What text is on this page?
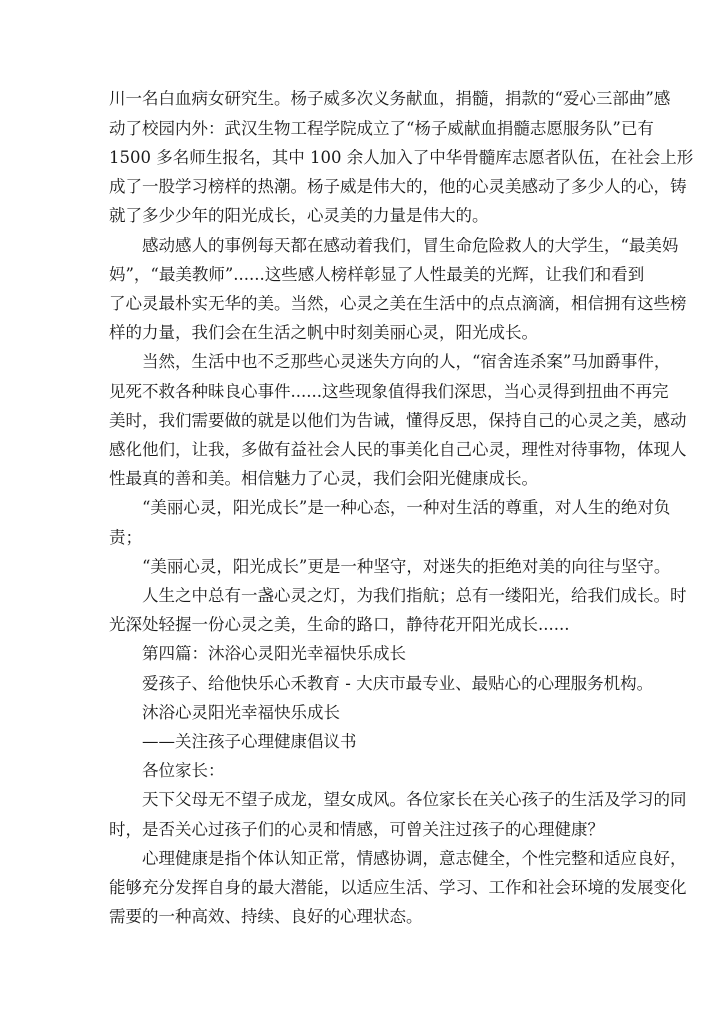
川一名白血病女研究生。杨子威多次义务献血，捐髓，捐款的“爱心三部曲”感
动了校园内外：武汉生物工程学院成立了“杨子威献血捐髓志愿服务队”已有
1500 多名师生报名，其中 100 余人加入了中华骨髓库志愿者队伍，在社会上形
成了一股学习榜样的热潮。杨子威是伟大的，他的心灵美感动了多少人的心，铸
就了多少少年的阳光成长，心灵美的力量是伟大的。
感动感人的事例每天都在感动着我们，冒生命危险救人的大学生，“最美妈
妈”，“最美教师”......这些感人榜样彰显了人性最美的光辉，让我们和看到
了心灵最朴实无华的美。当然，心灵之美在生活中的点点滴滴，相信拥有这些榜
样的力量，我们会在生活之帆中时刻美丽心灵，阳光成长。
当然，生活中也不乏那些心灵迷失方向的人，“宿舍连杀案”马加爵事件，
见死不救各种昧良心事件......这些现象值得我们深思，当心灵得到扭曲不再完
美时，我们需要做的就是以他们为告诫，懂得反思，保持自己的心灵之美，感动
感化他们，让我，多做有益社会人民的事美化自己心灵，理性对待事物，体现人
性最真的善和美。相信魅力了心灵，我们会阳光健康成长。
“美丽心灵，阳光成长”是一种心态，一种对生活的尊重，对人生的绝对负
责；
“美丽心灵，阳光成长”更是一种坚守，对迷失的拒绝对美的向往与坚守。
人生之中总有一盏心灵之灯，为我们指航；总有一缕阳光，给我们成长。时
光深处轻握一份心灵之美，生命的路口，静待花开阳光成长......
第四篇：沐浴心灵阳光幸福快乐成长
爱孩子、给他快乐心禾教育 - 大庆市最专业、最贴心的心理服务机构。
沐浴心灵阳光幸福快乐成长
——关注孩子心理健康倡议书
各位家长：
天下父母无不望子成龙，望女成风。各位家长在关心孩子的生活及学习的同
时，是否关心过孩子们的心灵和情感，可曾关注过孩子的心理健康？
心理健康是指个体认知正常，情感协调，意志健全，个性完整和适应良好，
能够充分发挥自身的最大潜能，以适应生活、学习、工作和社会环境的发展变化
需要的一种高效、持续、良好的心理状态。
